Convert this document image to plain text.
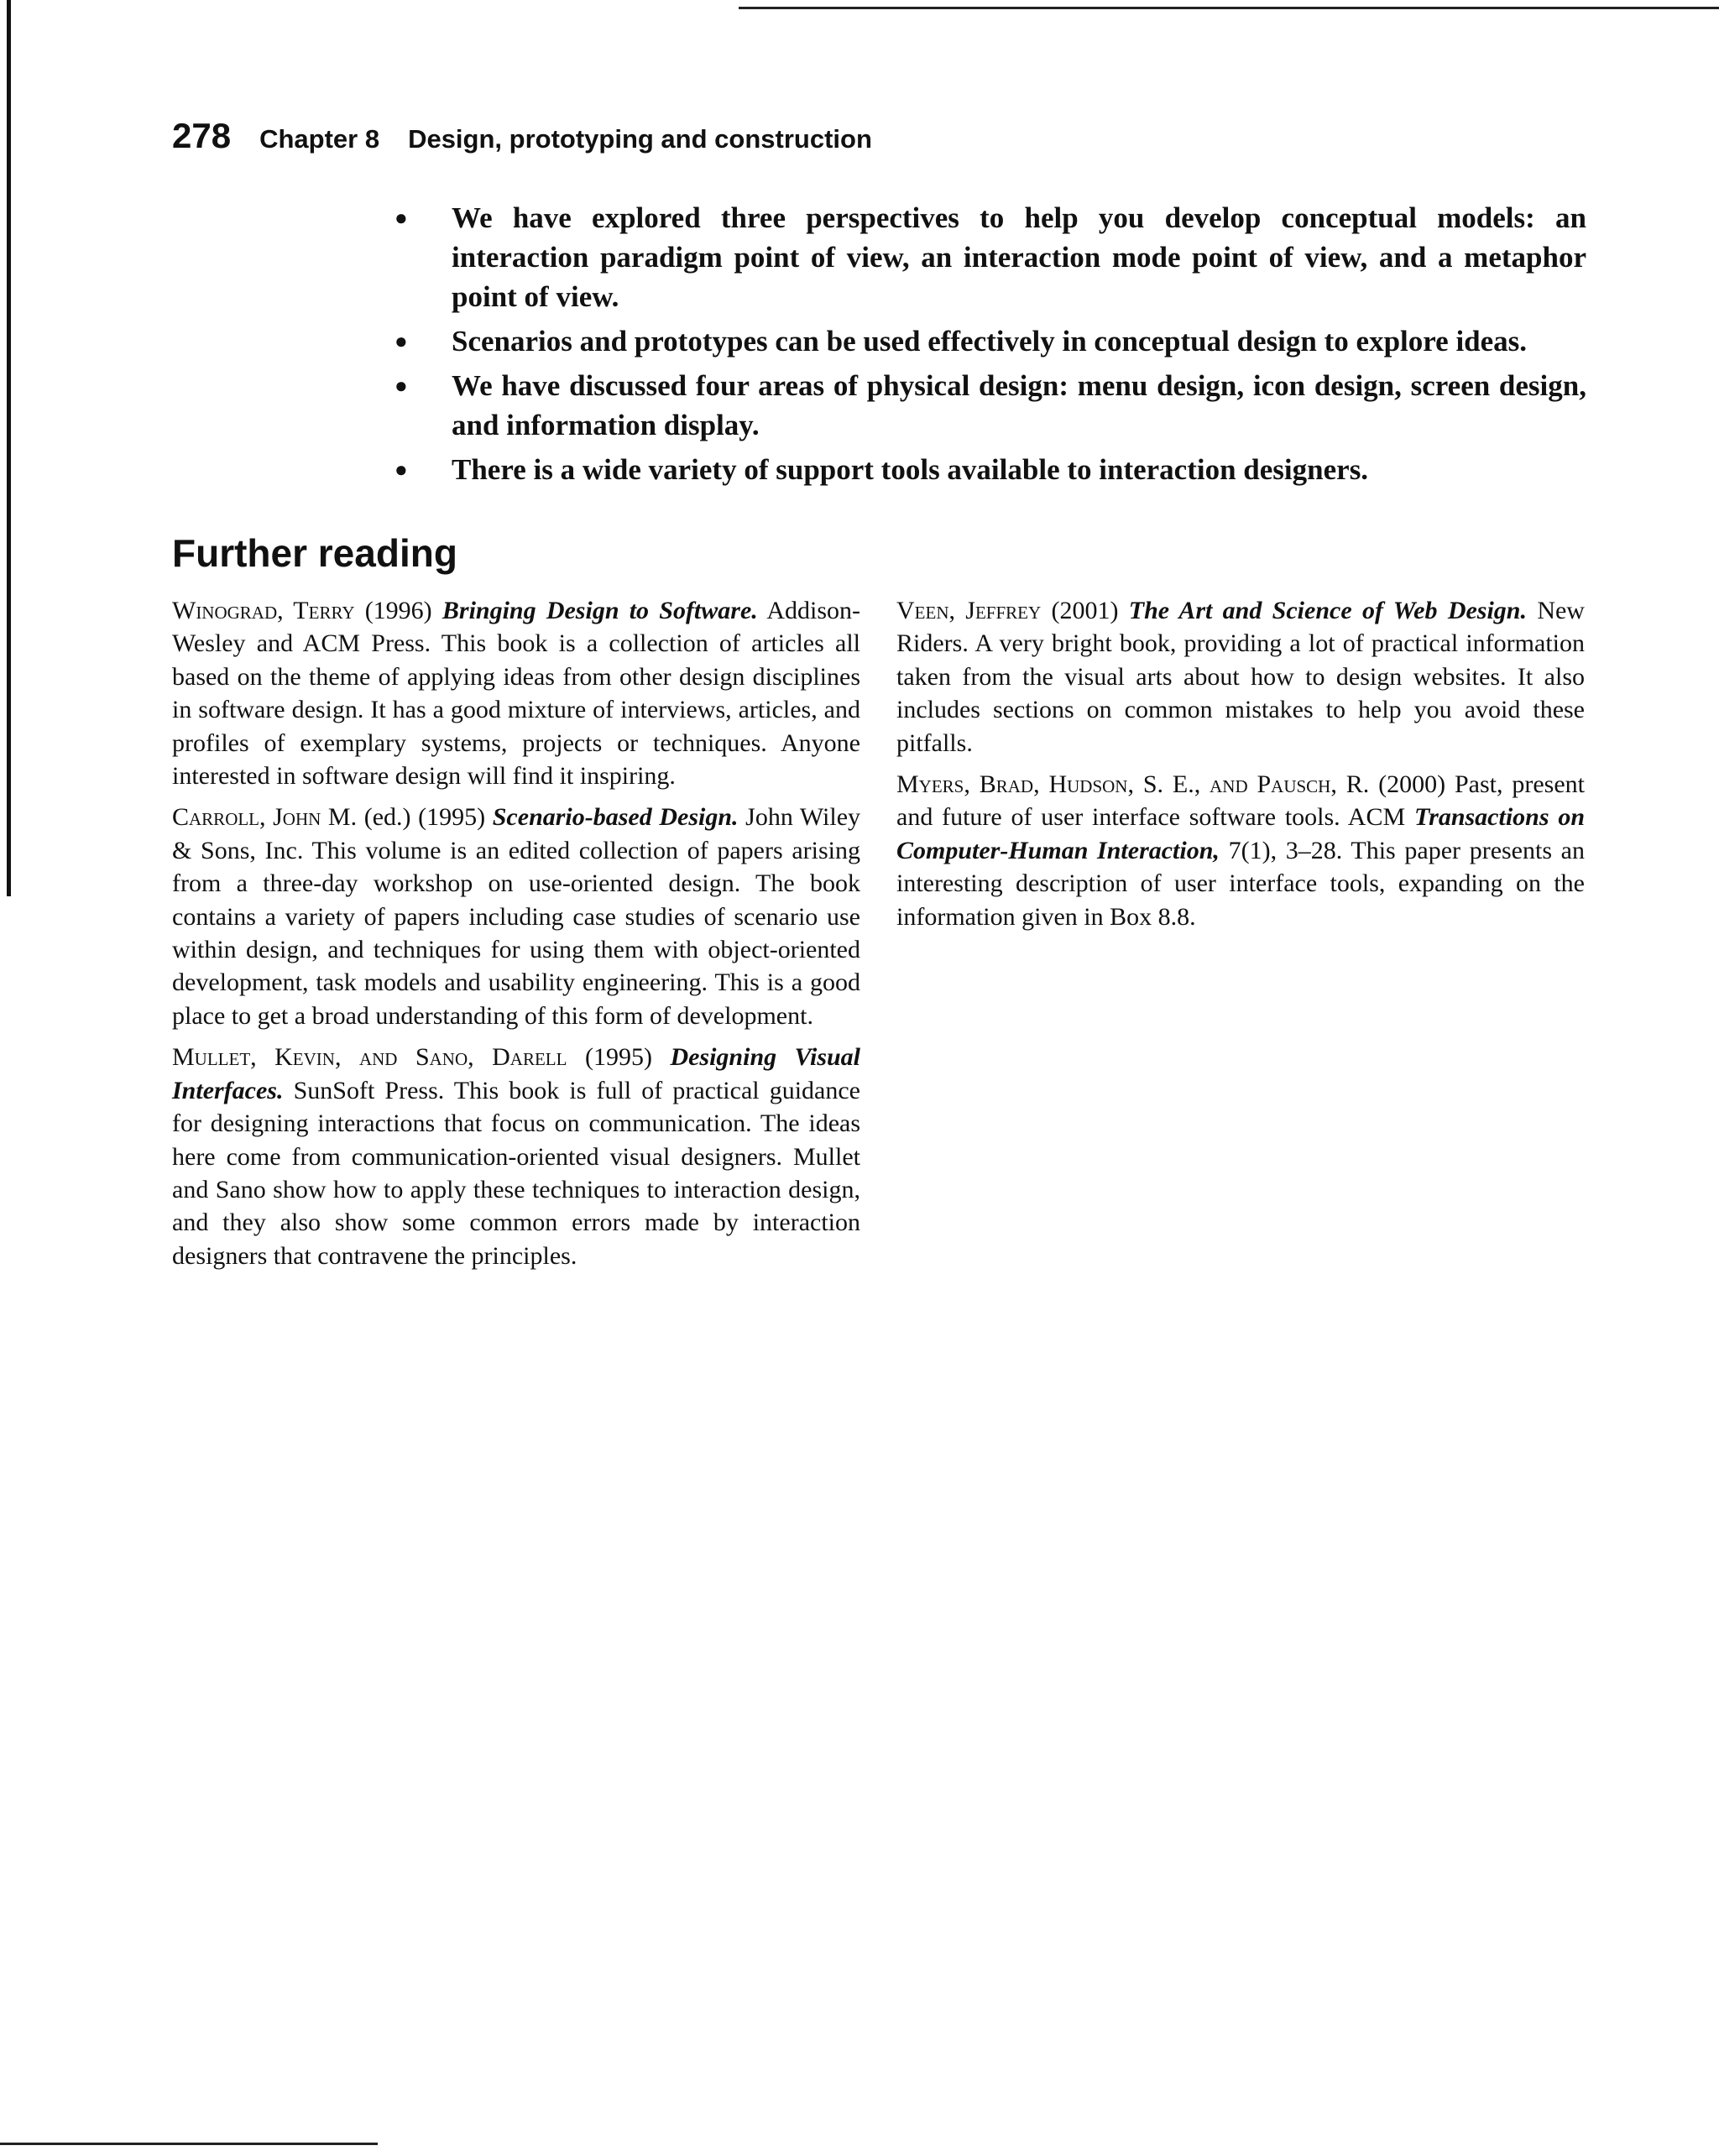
278 Chapter 8 Design, prototyping and construction
● We have explored three perspectives to help you develop conceptual models: an interaction paradigm point of view, an interaction mode point of view, and a metaphor point of view.
● Scenarios and prototypes can be used effectively in conceptual design to explore ideas.
● We have discussed four areas of physical design: menu design, icon design, screen design, and information display.
● There is a wide variety of support tools available to interaction designers.
Further reading

Winograd, Terry (1996) Bringing Design to Software. Addison-Wesley and ACM Press. This book is a collection of articles all based on the theme of applying ideas from other design disciplines in software design. It has a good mixture of interviews, articles, and profiles of exemplary systems, projects or techniques. Anyone interested in software design will find it inspiring.

Carroll, John M. (ed.) (1995) Scenario-based Design. John Wiley & Sons, Inc. This volume is an edited collection of papers arising from a three-day workshop on use-oriented design. The book contains a variety of papers including case studies of scenario use within design, and techniques for using them with object-oriented development, task models and usability engineering. This is a good place to get a broad understanding of this form of development.

Mullet, Kevin, and Sano, Darell (1995) Designing Visual Interfaces. SunSoft Press. This book is full of practical guidance for designing interactions that focus on communication. The ideas here come from communication-oriented visual designers. Mullet and Sano show how to apply these techniques to interaction design, and they also show some common errors made by interaction designers that contravene the principles.

Veen, Jeffrey (2001) The Art and Science of Web Design. New Riders. A very bright book, providing a lot of practical information taken from the visual arts about how to design websites. It also includes sections on common mistakes to help you avoid these pitfalls.

Myers, Brad, Hudson, S. E., and Pausch, R. (2000) Past, present and future of user interface software tools. ACM Transactions on Computer-Human Interaction, 7(1), 3–28. This paper presents an interesting description of user interface tools, expanding on the information given in Box 8.8.
